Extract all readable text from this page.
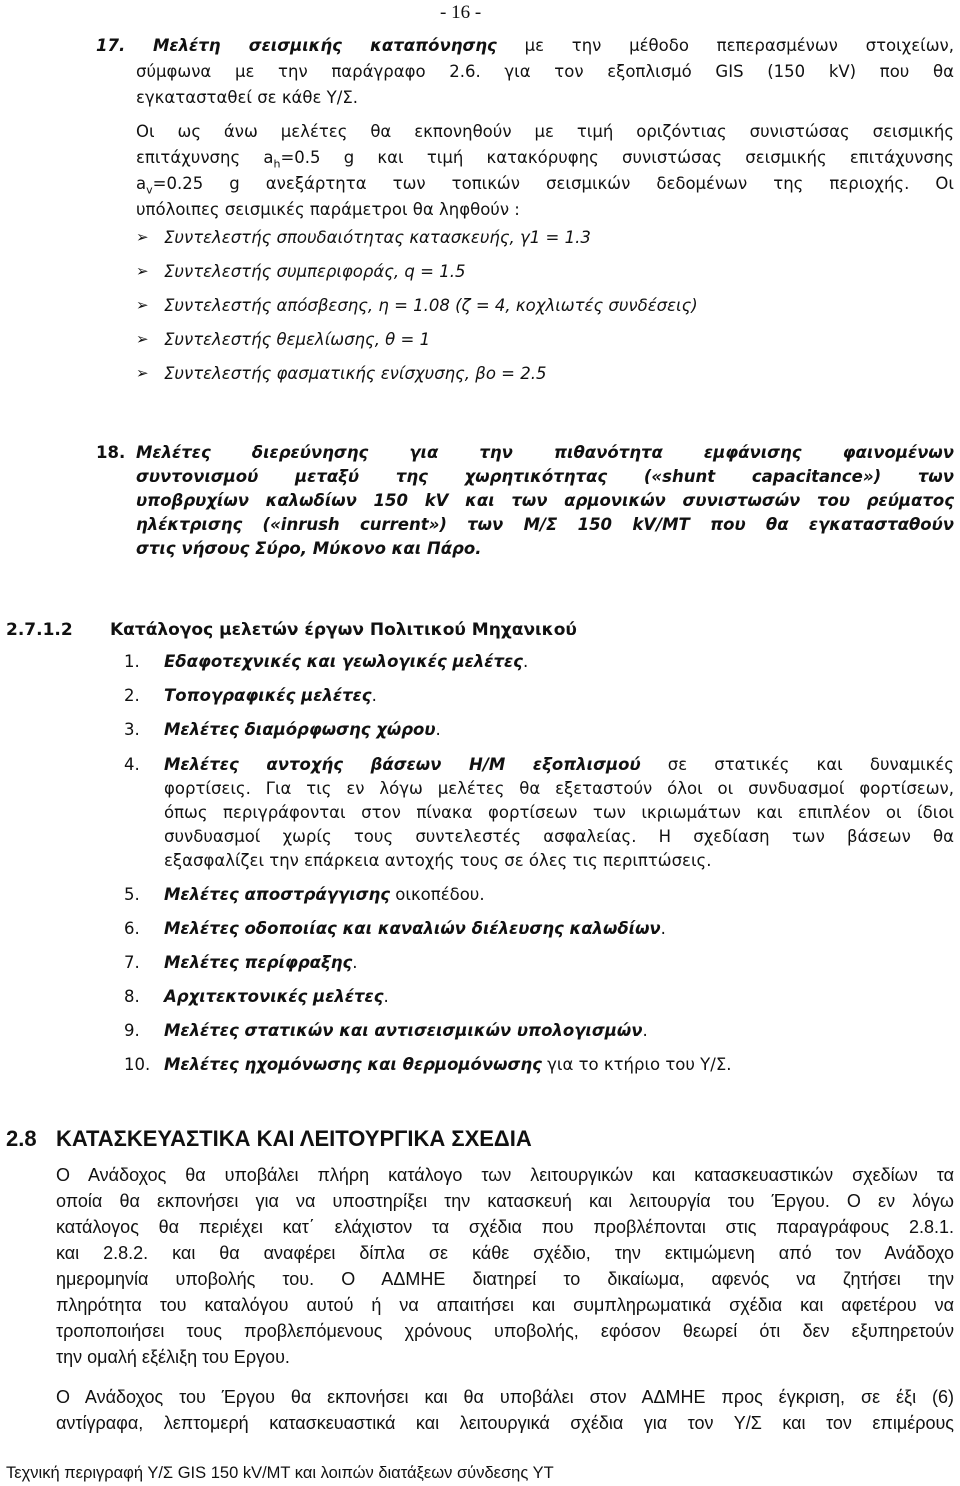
- 16 -
17. Μελέτη σεισμικής καταπόνησης με την μέθοδο πεπερασμένων στοιχείων,
σύμφωνα με την παράγραφο 2.6. για τον εξοπλισμό GIS (150 kV) που θα
εγκατασταθεί σε κάθε Υ/Σ.
Οι ως άνω μελέτες θα εκπονηθούν με τιμή οριζόντιας συνιστώσας σεισμικής
επιτάχυνσης $a_h=0.5$ g και τιμή κατακόρυφης συνιστώσας σεισμικής επιτάχυνσης
$a_v=0.25$ g ανεξάρτητα των τοπικών σεισμικών δεδομένων της περιοχής. Οι
υπόλοιπες σεισμικές παράμετροι θα ληφθούν :
➢ Συντελεστής σπουδαιότητας κατασκευής, γ1 = 1.3
➢ Συντελεστής συμπεριφοράς, q = 1.5
➢ Συντελεστής απόσβεσης, η = 1.08 (ζ = 4, κοχλιωτές συνδέσεις)
➢ Συντελεστής θεμελίωσης, θ = 1
➢ Συντελεστής φασματικής ενίσχυσης, βο = 2.5
18. Μελέτες διερεύνησης για την πιθανότητα εμφάνισης φαινομένων
συντονισμού μεταξύ της χωρητικότητας («shunt capacitance») των
υποβρυχίων καλωδίων 150 kV και των αρμονικών συνιστωσών του ρεύματος
ηλέκτρισης («inrush current») των Μ/Σ 150 kV/MT που θα εγκατασταθούν
στις νήσους Σύρο, Μύκονο και Πάρο.
2.7.1.2 Κατάλογος μελετών έργων Πολιτικού Μηχανικού
1. Εδαφοτεχνικές και γεωλογικές μελέτες.
2. Τοπογραφικές μελέτες.
3. Μελέτες διαμόρφωσης χώρου.
4. Μελέτες αντοχής βάσεων Η/Μ εξοπλισμού σε στατικές και δυναμικές
φορτίσεις. Για τις εν λόγω μελέτες θα εξεταστούν όλοι οι συνδυασμοί φορτίσεων,
όπως περιγράφονται στον πίνακα φορτίσεων των ικριωμάτων και επιπλέον οι ίδιοι
συνδυασμοί χωρίς τους συντελεστές ασφαλείας. Η σχεδίαση των βάσεων θα
εξασφαλίζει την επάρκεια αντοχής τους σε όλες τις περιπτώσεις.
5. Μελέτες αποστράγγισης οικοπέδου.
6. Μελέτες οδοποιίας και καναλιών διέλευσης καλωδίων.
7. Μελέτες περίφραξης.
8. Αρχιτεκτονικές μελέτες.
9. Μελέτες στατικών και αντισεισμικών υπολογισμών.
10. Μελέτες ηχομόνωσης και θερμομόνωσης για το κτήριο του Υ/Σ.
2.8 ΚΑΤΑΣΚΕΥΑΣΤΙΚΑ ΚΑΙ ΛΕΙΤΟΥΡΓΙΚΑ ΣΧΕΔΙΑ
Ο Ανάδοχος θα υποβάλει πλήρη κατάλογο των λειτουργικών και κατασκευαστικών σχεδίων τα
οποία θα εκπονήσει για να υποστηρίξει την κατασκευή και λειτουργία του Έργου. Ο εν λόγω
κατάλογος θα περιέχει κατ΄ ελάχιστον τα σχέδια που προβλέπονται στις παραγράφους 2.8.1.
και 2.8.2. και θα αναφέρει δίπλα σε κάθε σχέδιο, την εκτιμώμενη από τον Ανάδοχο
ημερομηνία υποβολής του. Ο ΑΔΜΗΕ διατηρεί το δικαίωμα, αφενός να ζητήσει την
πληρότητα του καταλόγου αυτού ή να απαιτήσει και συμπληρωματικά σχέδια και αφετέρου να
τροποποιήσει τους προβλεπόμενους χρόνους υποβολής, εφόσον θεωρεί ότι δεν εξυπηρετούν
την ομαλή εξέλιξη του Εργου.
Ο Ανάδοχος του Έργου θα εκπονήσει και θα υποβάλει στον ΑΔΜΗΕ προς έγκριση, σε έξι (6)
αντίγραφα, λεπτομερή κατασκευαστικά και λειτουργικά σχέδια για τον Υ/Σ και τον επιμέρους
Τεχνική περιγραφή Υ/Σ GIS 150 kV/MT και λοιπών διατάξεων σύνδεσης ΥΤ
